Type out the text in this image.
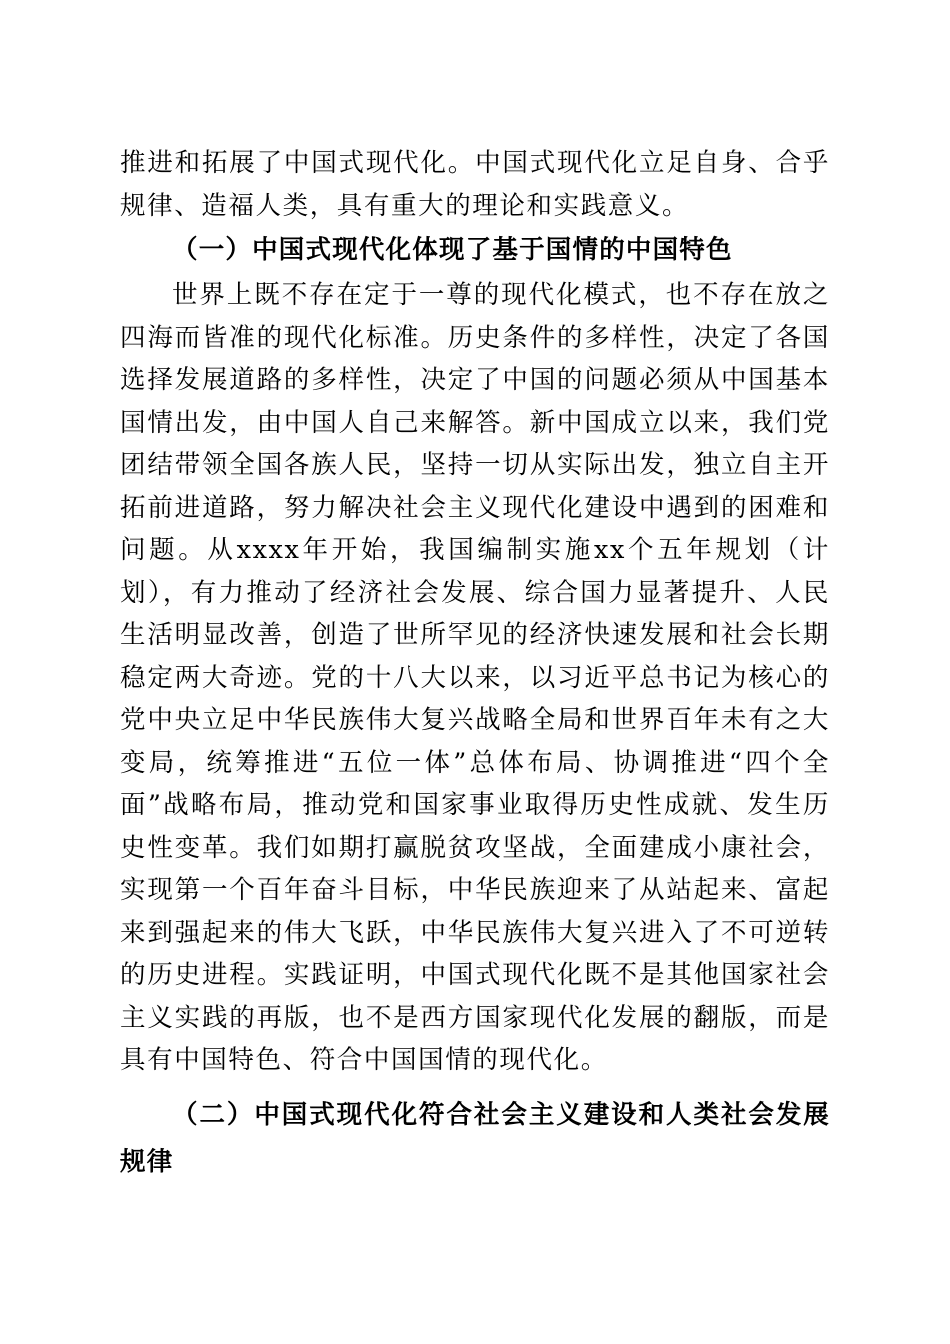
推进和拓展了中国式现代化。中国式现代化立足自身、合乎规律、造福人类，具有重大的理论和实践意义。

（一）中国式现代化体现了基于国情的中国特色

世界上既不存在定于一尊的现代化模式，也不存在放之四海而皆准的现代化标准。历史条件的多样性，决定了各国选择发展道路的多样性，决定了中国的问题必须从中国基本国情出发，由中国人自己来解答。新中国成立以来，我们党团结带领全国各族人民，坚持一切从实际出发，独立自主开拓前进道路，努力解决社会主义现代化建设中遇到的困难和问题。从xxxx年开始，我国编制实施xx个五年规划（计划），有力推动了经济社会发展、综合国力显著提升、人民生活明显改善，创造了世所罕见的经济快速发展和社会长期稳定两大奇迹。党的十八大以来，以习近平总书记为核心的党中央立足中华民族伟大复兴战略全局和世界百年未有之大变局，统筹推进“五位一体”总体布局、协调推进“四个全面”战略布局，推动党和国家事业取得历史性成就、发生历史性变革。我们如期打赢脱贫攻坚战，全面建成小康社会，实现第一个百年奋斗目标，中华民族迎来了从站起来、富起来到强起来的伟大飞跃，中华民族伟大复兴进入了不可逆转的历史进程。实践证明，中国式现代化既不是其他国家社会主义实践的再版，也不是西方国家现代化发展的翻版，而是具有中国特色、符合中国国情的现代化。

（二）中国式现代化符合社会主义建设和人类社会发展规律
